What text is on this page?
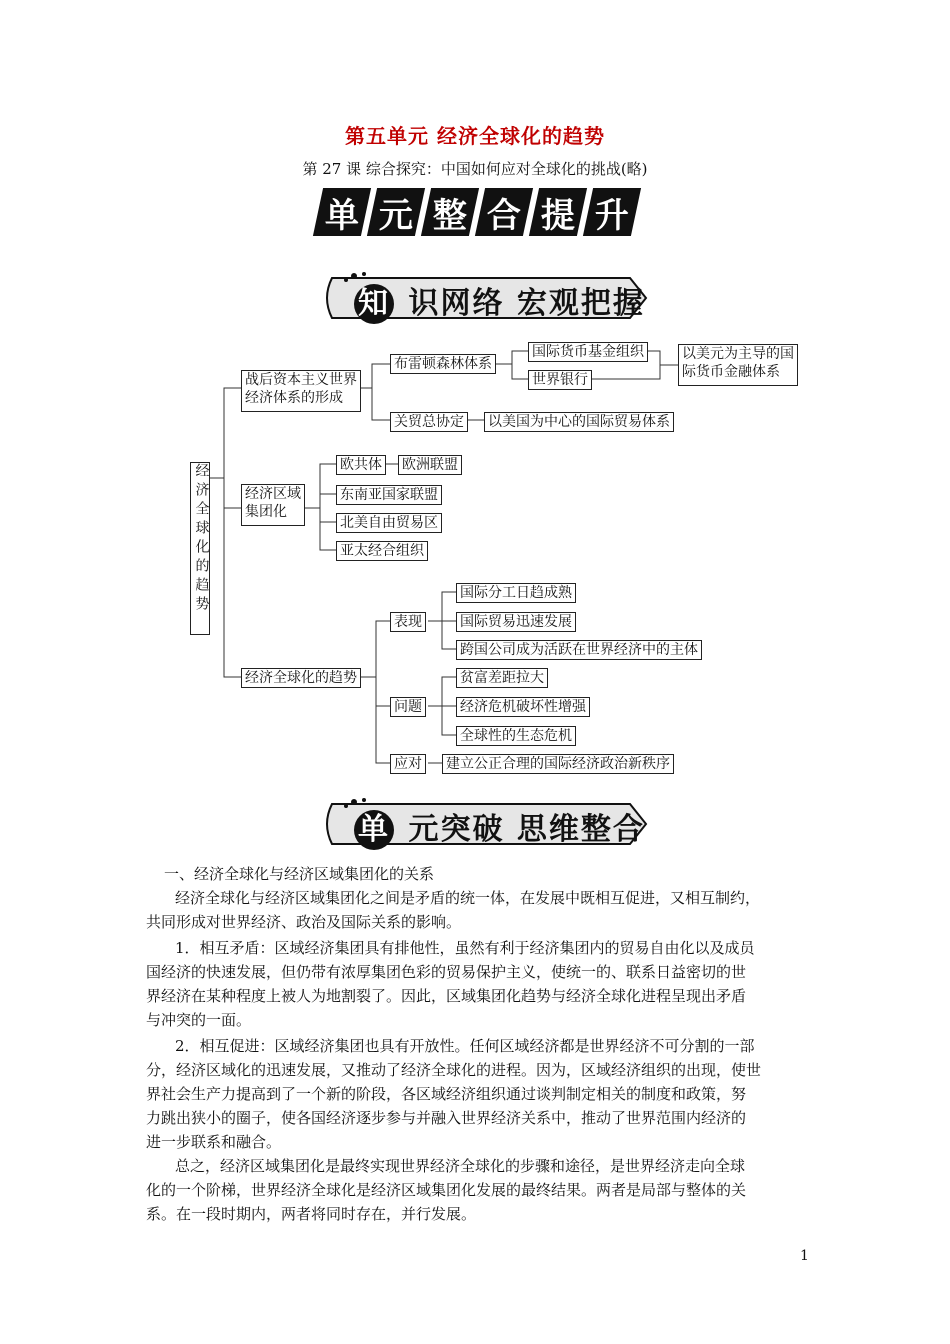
第五单元 经济全球化的趋势
第 27 课 综合探究：中国如何应对全球化的挑战(略)
单 元 整 合 提 升
知 识网络 宏观把握
单 元突破 思维整合
经济全球化的趋势
战后资本主义世界
经济体系的形成
布雷顿森林体系
国际货币基金组织
世界银行
以美元为主导的国
际货币金融体系
关贸总协定 以美国为中心的国际贸易体系
经济区域
集团化
欧共体 欧洲联盟
东南亚国家联盟
北美自由贸易区
亚太经合组织
经济全球化的趋势
表现
国际分工日趋成熟
国际贸易迅速发展
跨国公司成为活跃在世界经济中的主体
问题
贫富差距拉大
经济危机破坏性增强
全球性的生态危机
应对 建立公正合理的国际经济政治新秩序
一、经济全球化与经济区域集团化的关系
经济全球化与经济区域集团化之间是矛盾的统一体，在发展中既相互促进，又相互制约，
共同形成对世界经济、政治及国际关系的影响。
1．相互矛盾：区域经济集团具有排他性，虽然有利于经济集团内的贸易自由化以及成员
国经济的快速发展，但仍带有浓厚集团色彩的贸易保护主义，使统一的、联系日益密切的世
界经济在某种程度上被人为地割裂了。因此，区域集团化趋势与经济全球化进程呈现出矛盾
与冲突的一面。
2．相互促进：区域经济集团也具有开放性。任何区域经济都是世界经济不可分割的一部
分，经济区域化的迅速发展，又推动了经济全球化的进程。因为，区域经济组织的出现，使世
界社会生产力提高到了一个新的阶段，各区域经济组织通过谈判制定相关的制度和政策，努
力跳出狭小的圈子，使各国经济逐步参与并融入世界经济关系中，推动了世界范围内经济的
进一步联系和融合。
总之，经济区域集团化是最终实现世界经济全球化的步骤和途径，是世界经济走向全球
化的一个阶梯，世界经济全球化是经济区域集团化发展的最终结果。两者是局部与整体的关
系。在一段时期内，两者将同时存在，并行发展。
1
